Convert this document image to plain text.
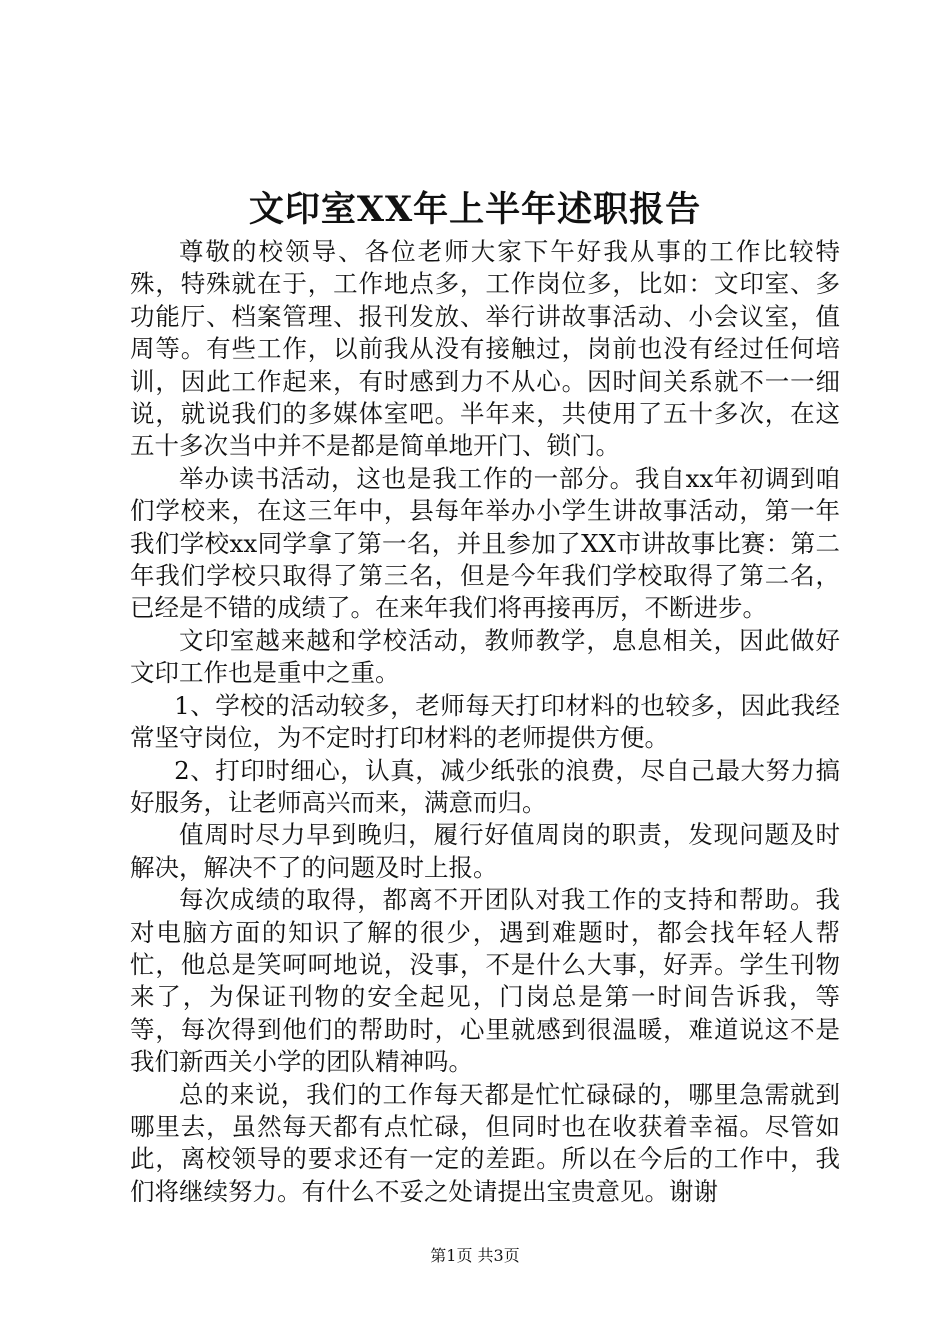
文印室XX年上半年述职报告

尊敬的校领导、各位老师大家下午好我从事的工作比较特殊，特殊就在于，工作地点多，工作岗位多，比如：文印室、多功能厅、档案管理、报刊发放、举行讲故事活动、小会议室，值周等。有些工作，以前我从没有接触过，岗前也没有经过任何培训，因此工作起来，有时感到力不从心。因时间关系就不一一细说，就说我们的多媒体室吧。半年来，共使用了五十多次，在这五十多次当中并不是都是简单地开门、锁门。

举办读书活动，这也是我工作的一部分。我自xx年初调到咱们学校来，在这三年中，县每年举办小学生讲故事活动，第一年我们学校xx同学拿了第一名，并且参加了XX市讲故事比赛：第二年我们学校只取得了第三名，但是今年我们学校取得了第二名，已经是不错的成绩了。在来年我们将再接再厉，不断进步。

文印室越来越和学校活动，教师教学，息息相关，因此做好文印工作也是重中之重。

1、学校的活动较多，老师每天打印材料的也较多，因此我经常坚守岗位，为不定时打印材料的老师提供方便。

2、打印时细心，认真，减少纸张的浪费，尽自己最大努力搞好服务，让老师高兴而来，满意而归。

值周时尽力早到晚归，履行好值周岗的职责，发现问题及时解决，解决不了的问题及时上报。

每次成绩的取得，都离不开团队对我工作的支持和帮助。我对电脑方面的知识了解的很少，遇到难题时，都会找年轻人帮忙，他总是笑呵呵地说，没事，不是什么大事，好弄。学生刊物来了，为保证刊物的安全起见，门岗总是第一时间告诉我，等等，每次得到他们的帮助时，心里就感到很温暖，难道说这不是我们新西关小学的团队精神吗。

总的来说，我们的工作每天都是忙忙碌碌的，哪里急需就到哪里去，虽然每天都有点忙碌，但同时也在收获着幸福。尽管如此，离校领导的要求还有一定的差距。所以在今后的工作中，我们将继续努力。有什么不妥之处请提出宝贵意见。谢谢

第1页 共3页
